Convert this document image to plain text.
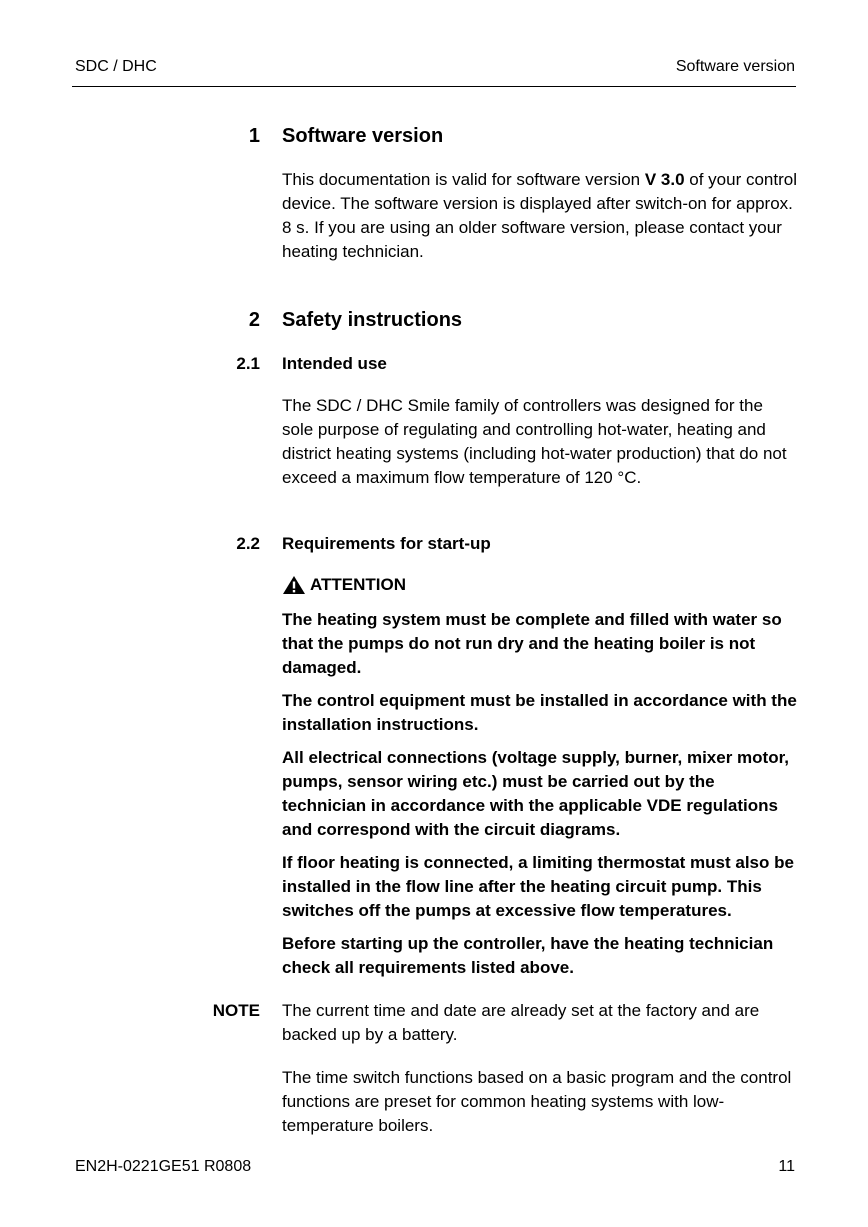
SDC / DHC	Software version
1 Software version

This documentation is valid for software version V 3.0 of your control device. The software version is displayed after switch-on for approx. 8 s. If you are using an older software version, please contact your heating technician.

2 Safety instructions
2.1 Intended use
The SDC / DHC Smile family of controllers was designed for the sole purpose of regulating and controlling hot-water, heating and district heating systems (including hot-water production) that do not exceed a maximum flow temperature of 120 °C.
2.2 Requirements for start-up
ATTENTION
The heating system must be complete and filled with water so that the pumps do not run dry and the heating boiler is not damaged.
The control equipment must be installed in accordance with the installation instructions.
All electrical connections (voltage supply, burner, mixer motor, pumps, sensor wiring etc.) must be carried out by the technician in accordance with the applicable VDE regulations and correspond with the circuit diagrams.
If floor heating is connected, a limiting thermostat must also be installed in the flow line after the heating circuit pump. This switches off the pumps at excessive flow temperatures.
Before starting up the controller, have the heating technician check all requirements listed above.
NOTE The current time and date are already set at the factory and are backed up by a battery.
The time switch functions based on a basic program and the control functions are preset for common heating systems with low-temperature boilers.
EN2H-0221GE51 R0808	11
